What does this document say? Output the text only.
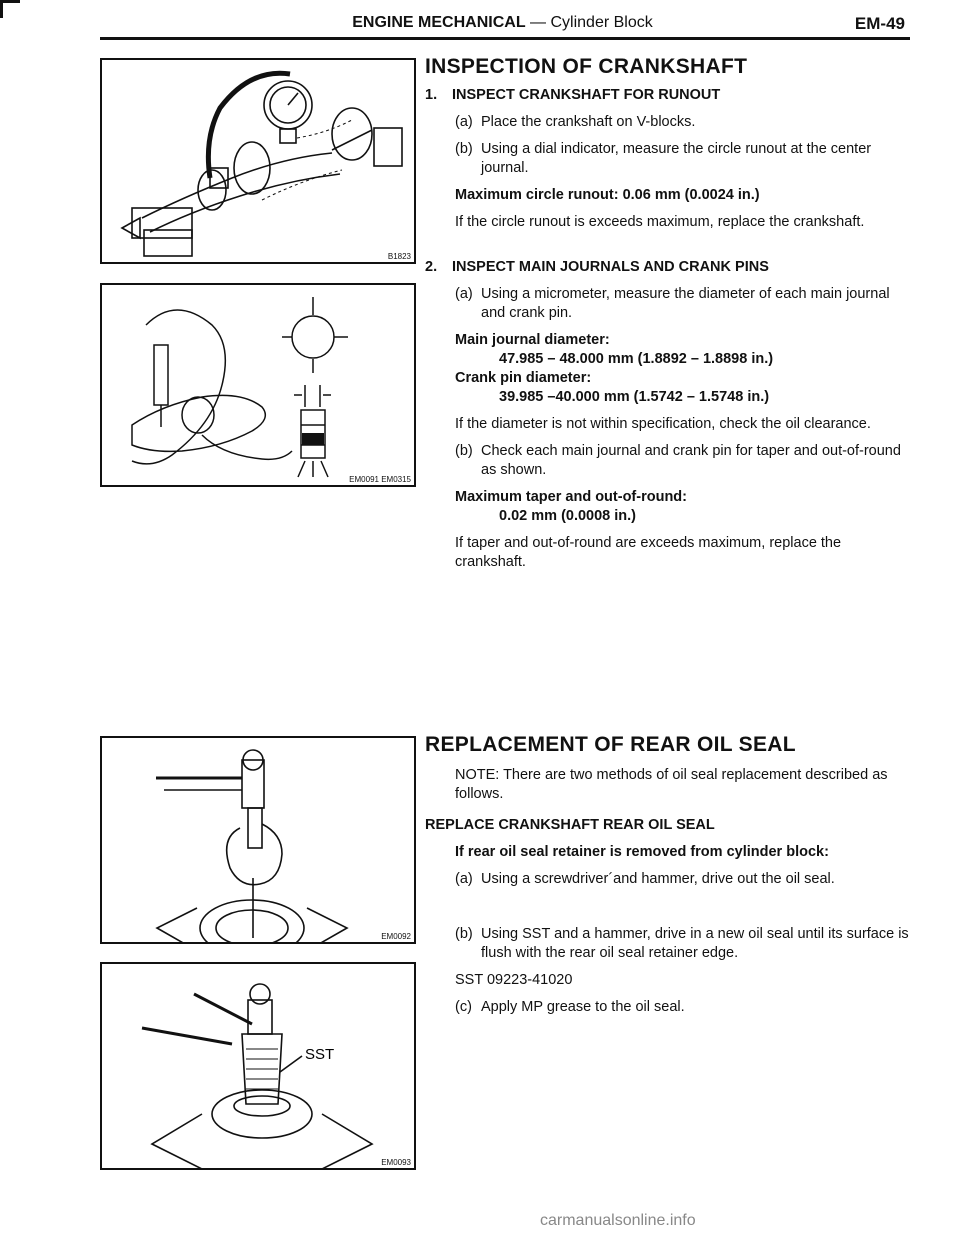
ENGINE MECHANICAL — Cylinder Block	EM-49
B1823
EM0091 EM0315
EM0092
SST
EM0093
INSPECTION OF CRANKSHAFT
1. INSPECT CRANKSHAFT FOR RUNOUT
(a) Place the crankshaft on V-blocks.
(b) Using a dial indicator, measure the circle runout at the center journal.
Maximum circle runout: 0.06 mm (0.0024 in.)
If the circle runout is exceeds maximum, replace the crankshaft.
2. INSPECT MAIN JOURNALS AND CRANK PINS
(a) Using a micrometer, measure the diameter of each main journal and crank pin.
Main journal diameter:
47.985 – 48.000 mm (1.8892 – 1.8898 in.)
Crank pin diameter:
39.985 –40.000 mm (1.5742 – 1.5748 in.)
If the diameter is not within specification, check the oil clearance.
(b) Check each main journal and crank pin for taper and out-of-round as shown.
Maximum taper and out-of-round:
0.02 mm (0.0008 in.)
If taper and out-of-round are exceeds maximum, replace the crankshaft.
REPLACEMENT OF REAR OIL SEAL
NOTE: There are two methods of oil seal replacement described as follows.
REPLACE CRANKSHAFT REAR OIL SEAL
If rear oil seal retainer is removed from cylinder block:
(a) Using a screwdriver´and hammer, drive out the oil seal.
(b) Using SST and a hammer, drive in a new oil seal until its surface is flush with the rear oil seal retainer edge.
SST 09223-41020
(c) Apply MP grease to the oil seal.
carmanualsonline.info
